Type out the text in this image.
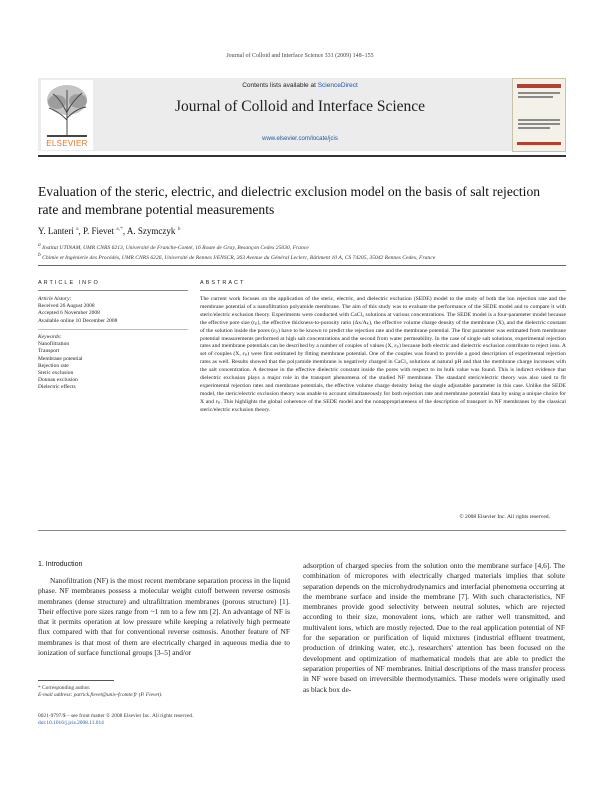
Journal of Colloid and Interface Science 331 (2009) 148–155
ELSEVIER
Contents lists available at ScienceDirect
Journal of Colloid and Interface Science
www.elsevier.com/locate/jcis
Evaluation of the steric, electric, and dielectric exclusion model on the basis of salt rejection rate and membrane potential measurements
Y. Lanteri $^a$, P. Fievet $^{a,*}$, A. Szymczyk $^b$
a Institut UTINAM, UMR CNRS 6213, Université de Franche-Comté, 16 Route de Gray, Besançon Cedex 25030, France
b Chimie et Ingénierie des Procédés, UMR CNRS 6226, Université de Rennes I/ENSCR, 263 Avenue du Général Leclerc, Bâtiment 10 A, CS 74205, 35042 Rennes Cedex, France
ARTICLE INFO
Article history:
Received 26 August 2008
Accepted 6 November 2008
Available online 10 December 2008
Keywords:
Nanofiltration
Transport
Membrane potential
Rejection rate
Steric exclusion
Donnan exclusion
Dielectric effects
ABSTRACT
The current work focuses on the application of the steric, electric, and dielectric exclusion (SEDE) model to the study of both the ion rejection rate and the membrane potential of a nanofiltration polyamide membrane. The aim of this study was to evaluate the performance of the SEDE model and to compare it with steric/electric exclusion theory. Experiments were conducted with CaCl₂ solutions at various concentrations. The SEDE model is a four-parameter model because the effective pore size (rₚ), the effective thickness-to-porosity ratio (Δx/Aₖ), the effective volume charge density of the membrane (X), and the dielectric constant of the solution inside the pores (εₚ) have to be known to predict the rejection rate and the membrane potential. The first parameter was estimated from membrane potential measurements performed at high salt concentrations and the second from water permeability. In the case of single salt solutions, experimental rejection rates and membrane potentials can be described by a number of couples of values (X, εₚ) because both electric and dielectric exclusion contribute to reject ions. A set of couples (X, εₚ) were first estimated by fitting membrane potential. One of the couples was found to provide a good description of experimental rejection rates as well. Results showed that the polyamide membrane is negatively charged in CaCl₂ solutions at natural pH and that the membrane charge increases with the salt concentration. A decrease in the effective dielectric constant inside the pores with respect to its bulk value was found. This is indirect evidence that dielectric exclusion plays a major role in the transport phenomena of the studied NF membrane. The standard steric/electric theory was also used to fit experimental rejection rates and membrane potentials, the effective volume charge density being the single adjustable parameter in this case. Unlike the SEDE model, the steric/electric exclusion theory was unable to account simultaneously for both rejection rate and membrane potential data by using a unique choice for X and εₚ. This highlights the global coherence of the SEDE model and the nonappropriateness of the description of transport in NF membranes by the classical steric/electric exclusion theory.
© 2008 Elsevier Inc. All rights reserved.
1. Introduction
Nanofiltration (NF) is the most recent membrane separation process in the liquid phase. NF membranes possess a molecular weight cutoff between reverse osmosis membranes (dense structure) and ultrafiltration membranes (porous structure) [1]. Their effective pore sizes range from ~1 nm to a few nm [2]. An advantage of NF is that it permits operation at low pressure while keeping a relatively high permeate flux compared with that for conventional reverse osmosis. Another feature of NF membranes is that most of them are electrically charged in aqueous media due to ionization of surface functional groups [3–5] and/or
adsorption of charged species from the solution onto the membrane surface [4,6]. The combination of micropores with electrically charged materials implies that solute separation depends on the microhydrodynamics and interfacial phenomena occurring at the membrane surface and inside the membrane [7]. With such characteristics, NF membranes provide good selectivity between neutral solutes, which are rejected according to their size, monovalent ions, which are rather well transmitted, and multivalent ions, which are mostly rejected. Due to the real application potential of NF for the separation or purification of liquid mixtures (industrial effluent treatment, production of drinking water, etc.), researchers' attention has been focused on the development and optimization of mathematical models that are able to predict the separation properties of NF membranes. Initial descriptions of the mass transfer process in NF were based on irreversible thermodynamics. These models were originally used as black box de-
* Corresponding author.
E-mail address: patrick.fievet@univ-fcomte.fr (P. Fievet).
0021-9797/$ – see front matter © 2008 Elsevier Inc. All rights reserved.
doi:10.1016/j.jcis.2008.11.014
